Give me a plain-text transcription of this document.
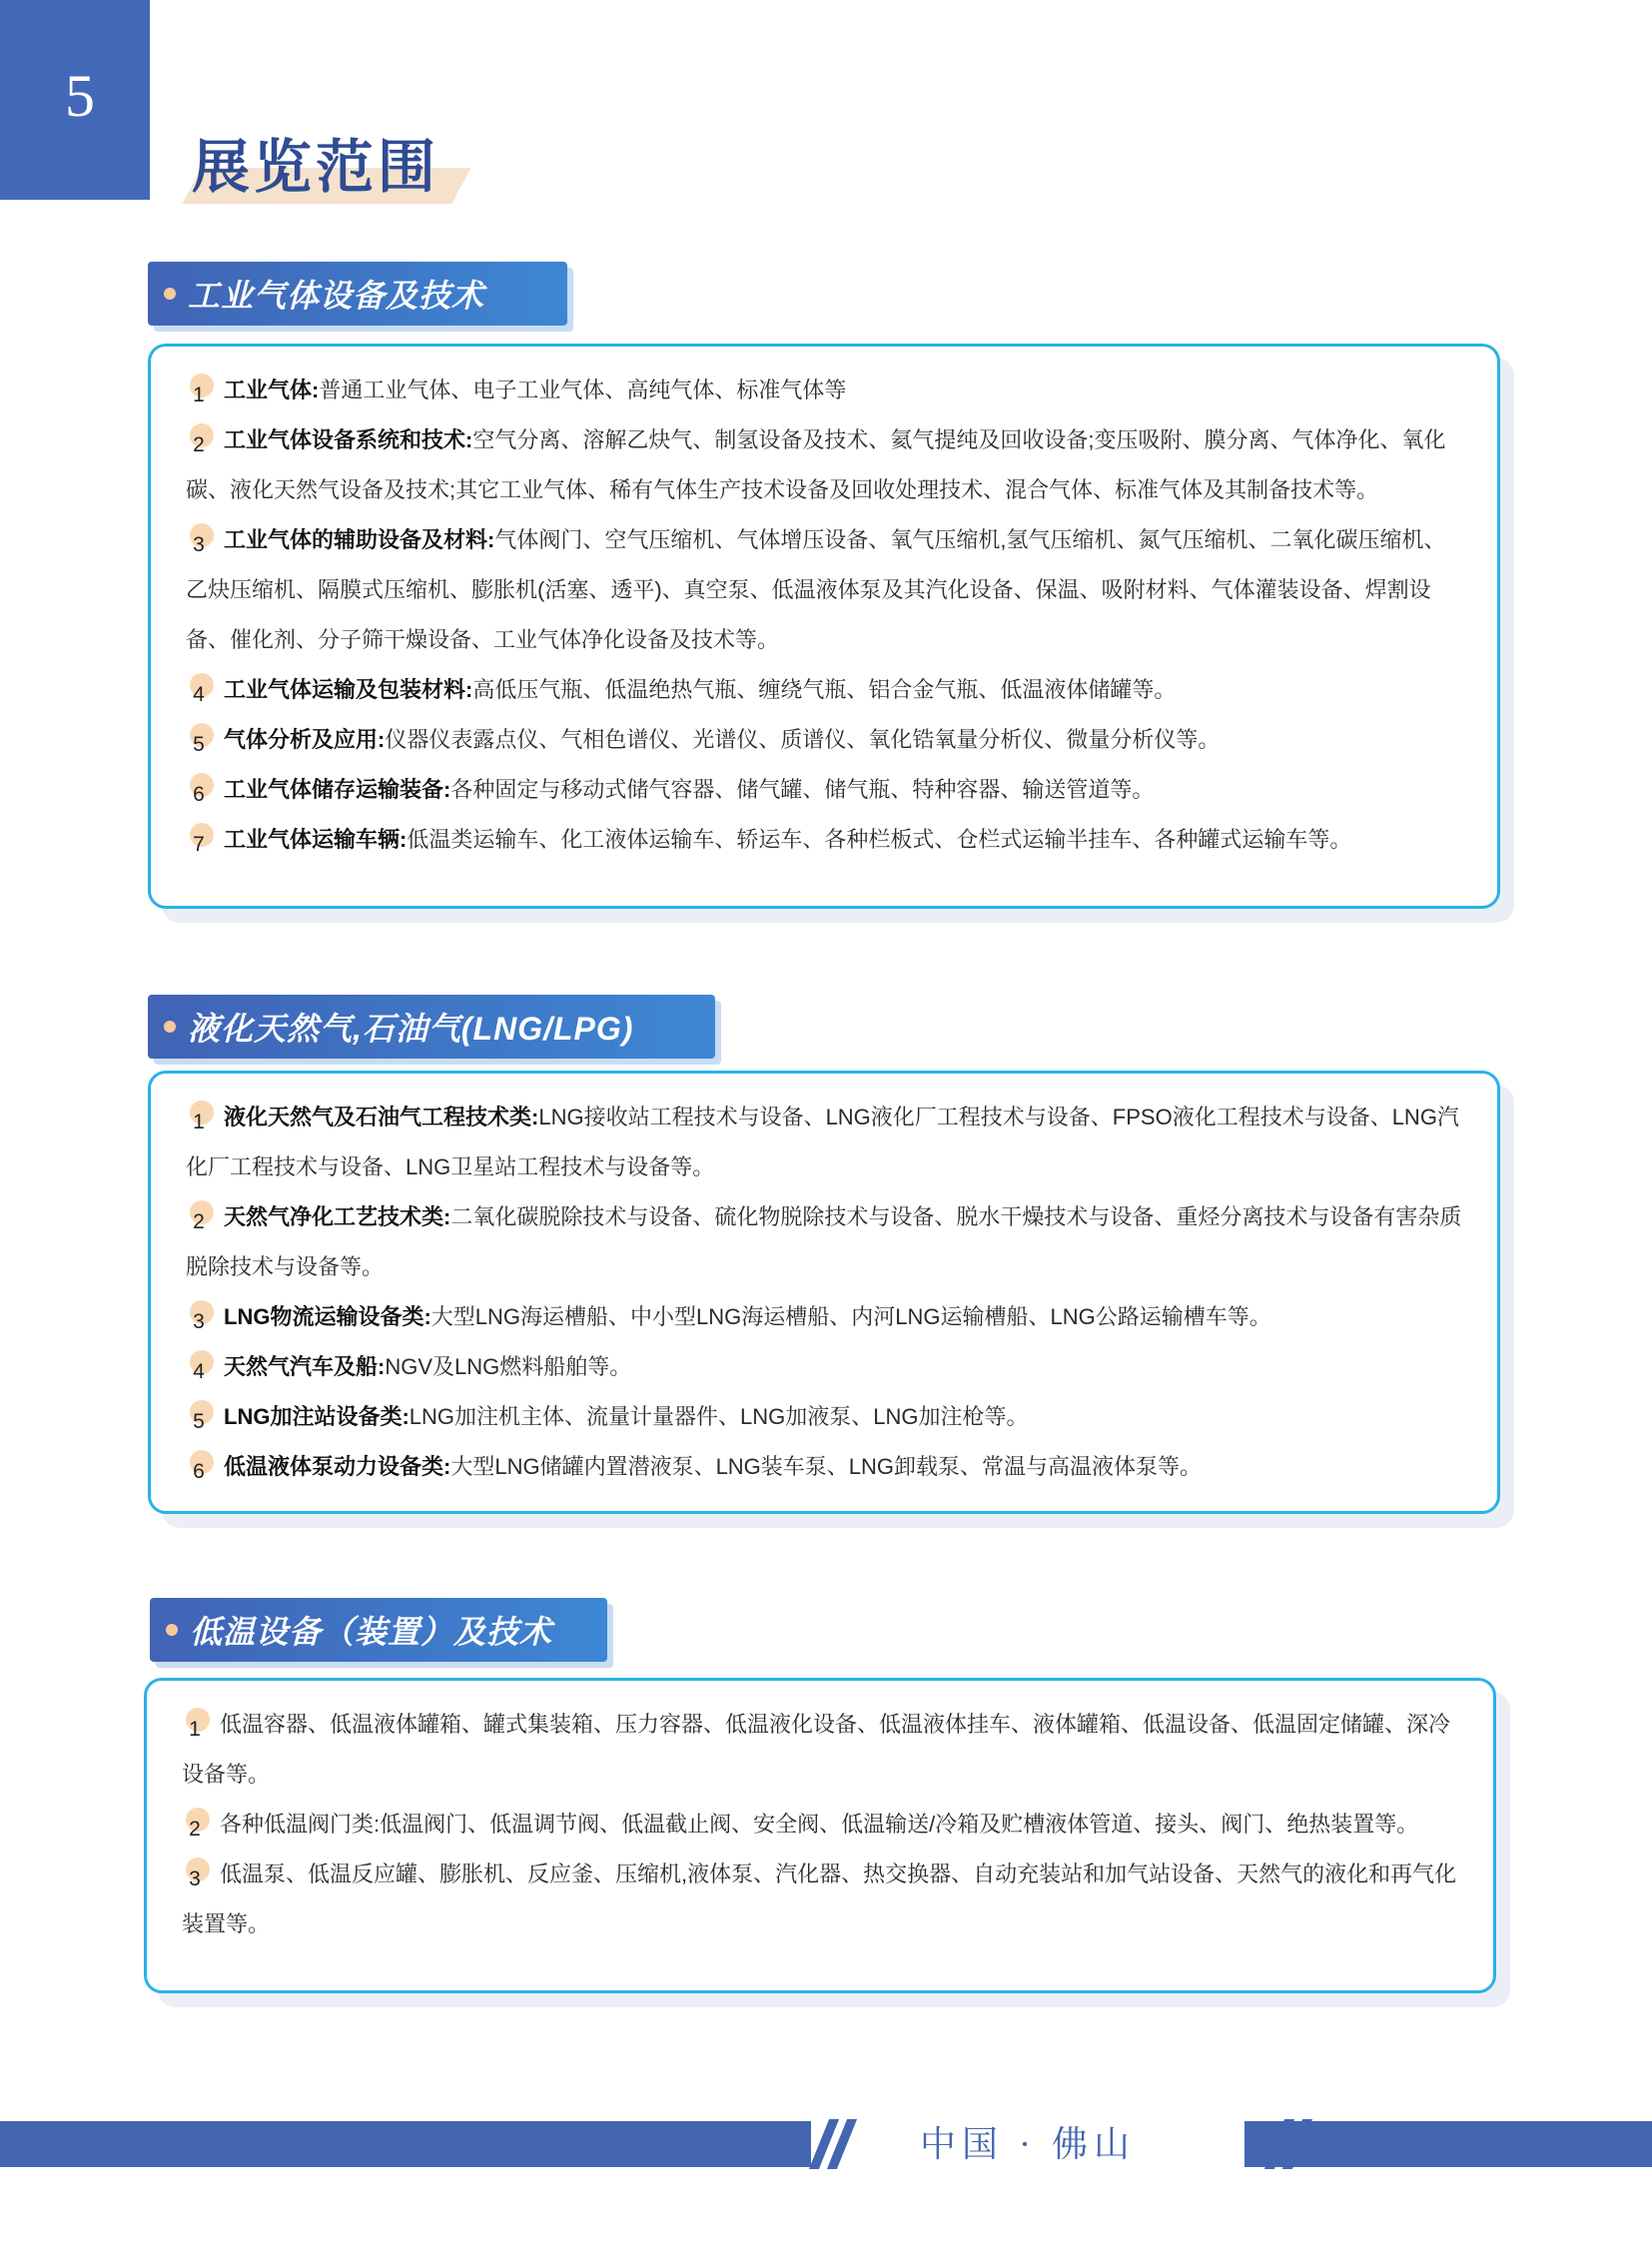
5
展览范围
工业气体设备及技术
1 工业气体:普通工业气体、电子工业气体、高纯气体、标准气体等
2 工业气体设备系统和技术:空气分离、溶解乙炔气、制氢设备及技术、氦气提纯及回收设备;变压吸附、膜分离、气体净化、氧化碳、液化天然气设备及技术;其它工业气体、稀有气体生产技术设备及回收处理技术、混合气体、标准气体及其制备技术等。
3 工业气体的辅助设备及材料:气体阀门、空气压缩机、气体增压设备、氧气压缩机,氢气压缩机、氮气压缩机、二氧化碳压缩机、乙炔压缩机、隔膜式压缩机、膨胀机(活塞、透平)、真空泵、低温液体泵及其汽化设备、保温、吸附材料、气体灌装设备、焊割设备、催化剂、分子筛干燥设备、工业气体净化设备及技术等。
4 工业气体运输及包装材料:高低压气瓶、低温绝热气瓶、缠绕气瓶、铝合金气瓶、低温液体储罐等。
5 气体分析及应用:仪器仪表露点仪、气相色谱仪、光谱仪、质谱仪、氧化锆氧量分析仪、微量分析仪等。
6 工业气体储存运输装备:各种固定与移动式储气容器、储气罐、储气瓶、特种容器、输送管道等。
7 工业气体运输车辆:低温类运输车、化工液体运输车、轿运车、各种栏板式、仓栏式运输半挂车、各种罐式运输车等。
液化天然气,石油气(LNG/LPG)
1 液化天然气及石油气工程技术类:LNG接收站工程技术与设备、LNG液化厂工程技术与设备、FPSO液化工程技术与设备、LNG汽化厂工程技术与设备、LNG卫星站工程技术与设备等。
2 天然气净化工艺技术类:二氧化碳脱除技术与设备、硫化物脱除技术与设备、脱水干燥技术与设备、重烃分离技术与设备有害杂质脱除技术与设备等。
3 LNG物流运输设备类:大型LNG海运槽船、中小型LNG海运槽船、内河LNG运输槽船、LNG公路运输槽车等。
4 天然气汽车及船:NGV及LNG燃料船舶等。
5 LNG加注站设备类:LNG加注机主体、流量计量器件、LNG加液泵、LNG加注枪等。
6 低温液体泵动力设备类:大型LNG储罐内置潜液泵、LNG装车泵、LNG卸载泵、常温与高温液体泵等。
低温设备（装置）及技术
1 低温容器、低温液体罐箱、罐式集装箱、压力容器、低温液化设备、低温液体挂车、液体罐箱、低温设备、低温固定储罐、深冷设备等。
2 各种低温阀门类:低温阀门、低温调节阀、低温截止阀、安全阀、低温输送/冷箱及贮槽液体管道、接头、阀门、绝热装置等。
3 低温泵、低温反应罐、膨胀机、反应釜、压缩机,液体泵、汽化器、热交换器、自动充装站和加气站设备、天然气的液化和再气化装置等。
中国 · 佛山
